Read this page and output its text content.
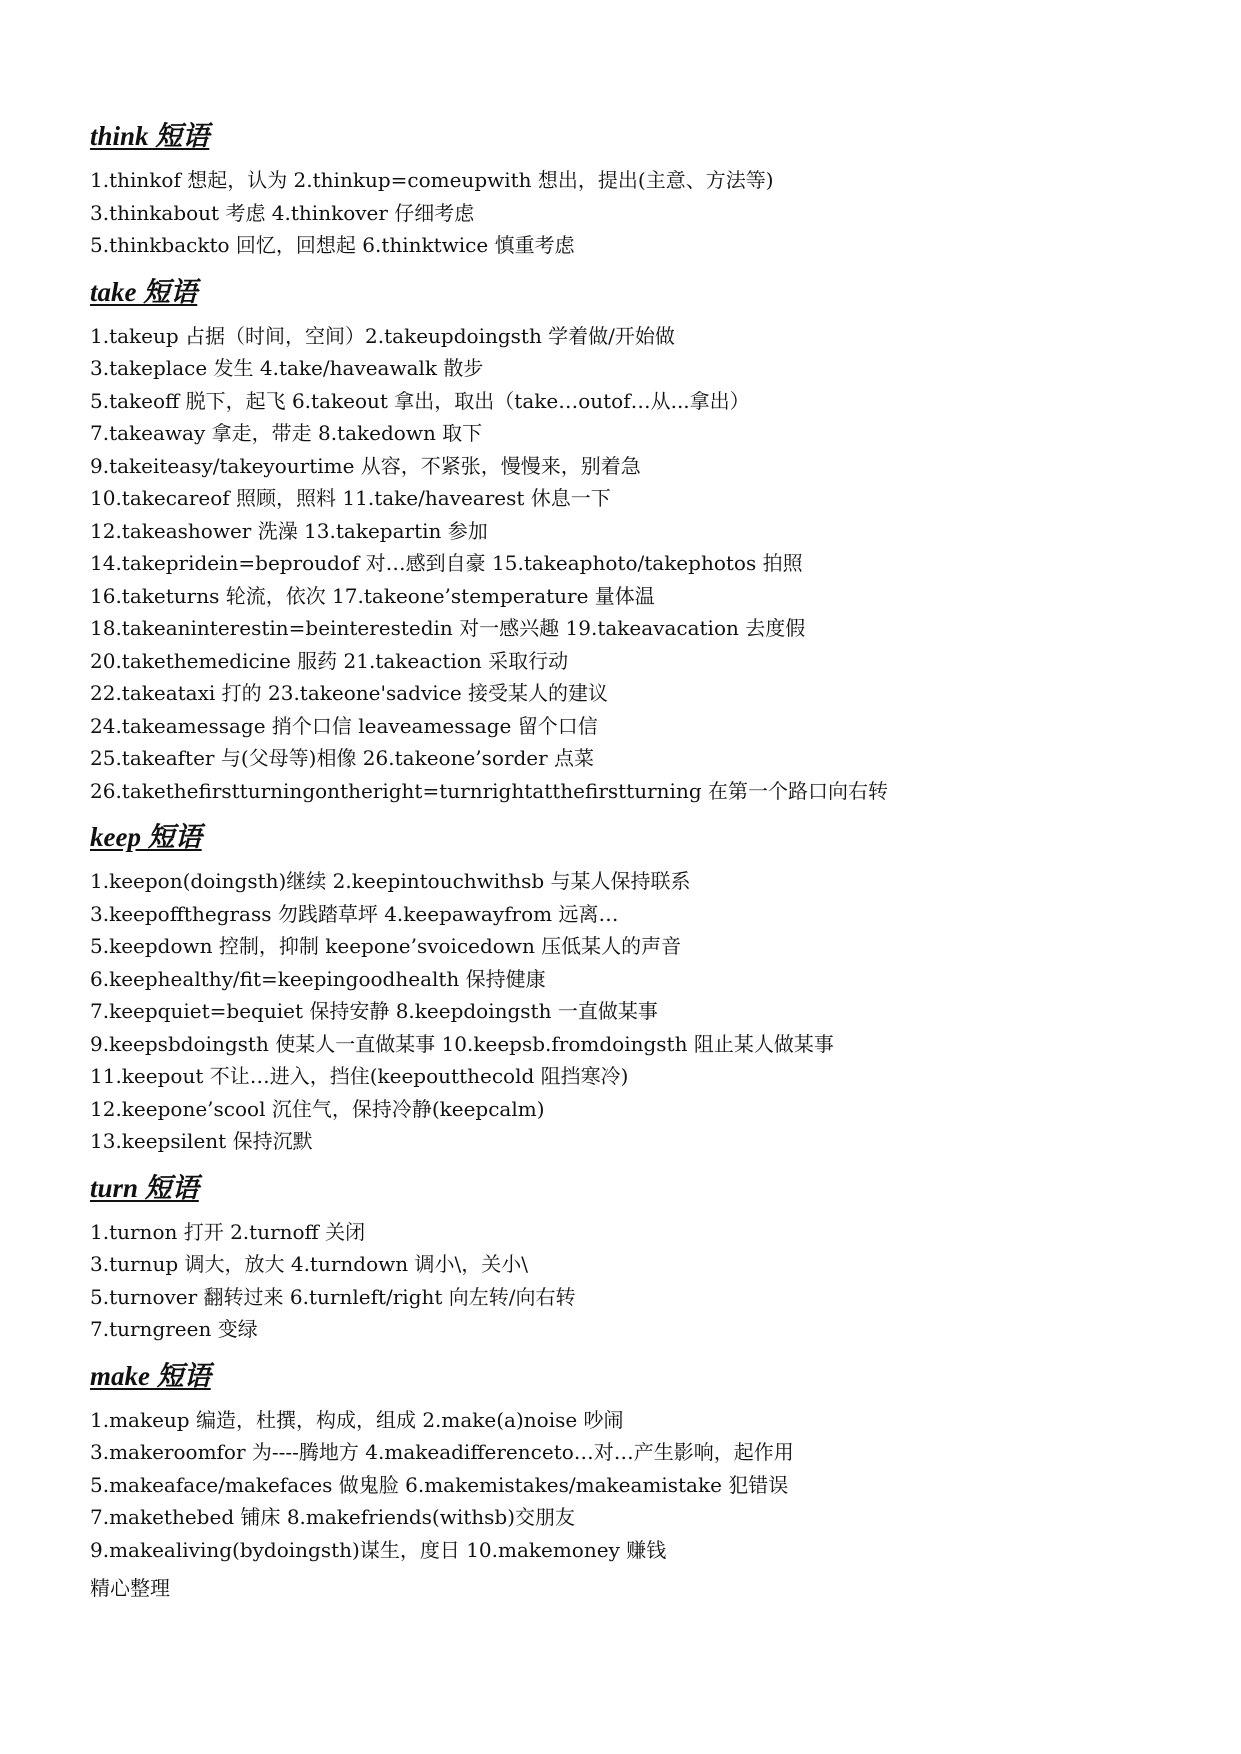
think 短语
1.thinkof 想起，认为 2.thinkup=comeupwith 想出，提出(主意、方法等)
3.thinkabout 考虑 4.thinkover 仔细考虑
5.thinkbackto 回忆，回想起 6.thinktwice 慎重考虑
take 短语
1.takeup 占据（时间，空间）2.takeupdoingsth 学着做/开始做
3.takeplace 发生 4.take/haveawalk 散步
5.takeoff 脱下，起飞 6.takeout 拿出，取出（take…outof…从...拿出）
7.takeaway 拿走，带走 8.takedown 取下
9.takeiteasy/takeyourtime 从容，不紧张，慢慢来，别着急
10.takecareof 照顾，照料 11.take/havearest 休息一下
12.takeashower 洗澡 13.takepartin 参加
14.takepridein=beproudof 对…感到自豪 15.takeaphoto/takephotos 拍照
16.taketurns 轮流，依次 17.takeone’stemperature 量体温
18.takeaninterestin=beinterestedin 对一感兴趣 19.takeavacation 去度假
20.takethemedicine 服药 21.takeaction 采取行动
22.takeataxi 打的 23.takeone'sadvice 接受某人的建议
24.takeamessage 捎个口信 leaveamessage 留个口信
25.takeafter 与(父母等)相像 26.takeone’sorder 点菜
26.takethefirstturningontheright=turnrightatthefirstturning 在第一个路口向右转
keep 短语
1.keepon(doingsth)继续 2.keepintouchwithsb 与某人保持联系
3.keepoffthegrass 勿践踏草坪 4.keepawayfrom 远离…
5.keepdown 控制，抑制 keepone’svoicedown 压低某人的声音
6.keephealthy/fit=keepingoodhealth 保持健康
7.keepquiet=bequiet 保持安静 8.keepdoingsth 一直做某事
9.keepsbdoingsth 使某人一直做某事 10.keepsb.fromdoingsth 阻止某人做某事
11.keepout 不让…进入，挡住(keepoutthecold 阻挡寒冷)
12.keepone’scool 沉住气，保持冷静(keepcalm)
13.keepsilent 保持沉默
turn 短语
1.turnon 打开 2.turnoff 关闭
3.turnup 调大，放大 4.turndown 调小\，关小\
5.turnover 翻转过来 6.turnleft/right 向左转/向右转
7.turngreen 变绿
make 短语
1.makeup 编造，杜撰，构成，组成 2.make(a)noise 吵闹
3.makeroomfor 为----腾地方 4.makeadifferenceto…对…产生影响，起作用
5.makeaface/makefaces 做鬼脸 6.makemistakes/makeamistake 犯错误
7.makethebed 铺床 8.makefriends(withsb)交朋友
9.makealiving(bydoingsth)谋生，度日 10.makemoney 赚钱
精心整理
